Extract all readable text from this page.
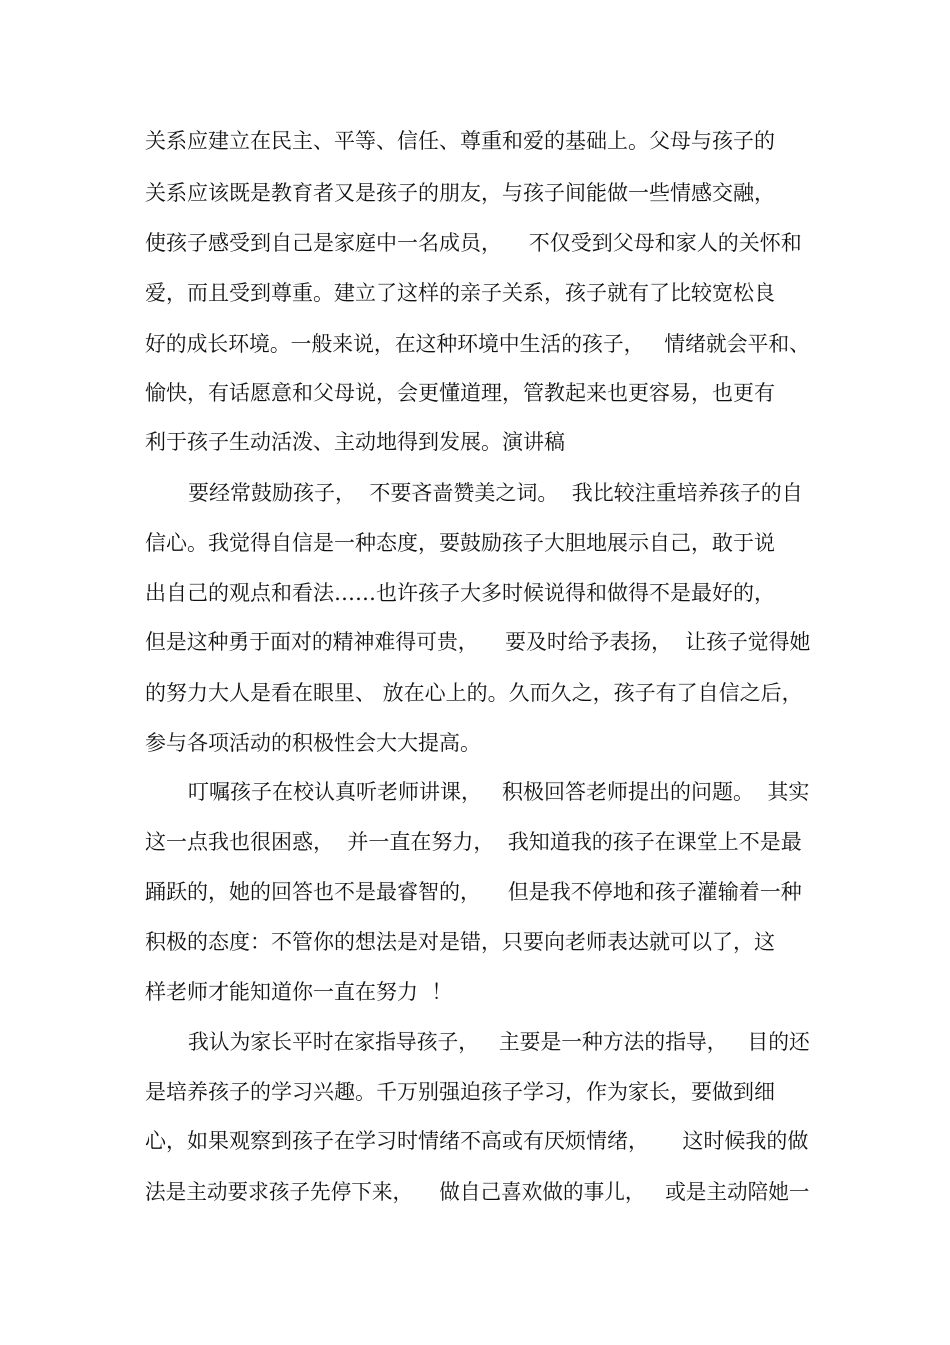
关系应建立在民主、平等、信任、尊重和爱的基础上。父母与孩子的
关系应该既是教育者又是孩子的朋友，与孩子间能做一些情感交融，
使孩子感受到自己是家庭中一名成员，    不仅受到父母和家人的关怀和
爱，而且受到尊重。建立了这样的亲子关系，孩子就有了比较宽松良
好的成长环境。一般来说，在这种环境中生活的孩子，   情绪就会平和、
愉快，有话愿意和父母说，会更懂道理，管教起来也更容易，也更有
利于孩子生动活泼、主动地得到发展。演讲稿
要经常鼓励孩子，  不要吝啬赞美之词。  我比较注重培养孩子的自
信心。我觉得自信是一种态度，要鼓励孩子大胆地展示自己，敢于说
出自己的观点和看法……也许孩子大多时候说得和做得不是最好的，
但是这种勇于面对的精神难得可贵，    要及时给予表扬，  让孩子觉得她
的努力大人是看在眼里、 放在心上的。久而久之，孩子有了自信之后，
参与各项活动的积极性会大大提高。
叮嘱孩子在校认真听老师讲课，   积极回答老师提出的问题。  其实
这一点我也很困惑，  并一直在努力，  我知道我的孩子在课堂上不是最
踊跃的，她的回答也不是最睿智的，    但是我不停地和孩子灌输着一种
积极的态度：不管你的想法是对是错，只要向老师表达就可以了，这
样老师才能知道你一直在努力  ！
我认为家长平时在家指导孩子，   主要是一种方法的指导，   目的还
是培养孩子的学习兴趣。千万别强迫孩子学习，作为家长，要做到细
心，如果观察到孩子在学习时情绪不高或有厌烦情绪，     这时候我的做
法是主动要求孩子先停下来，    做自己喜欢做的事儿，   或是主动陪她一
